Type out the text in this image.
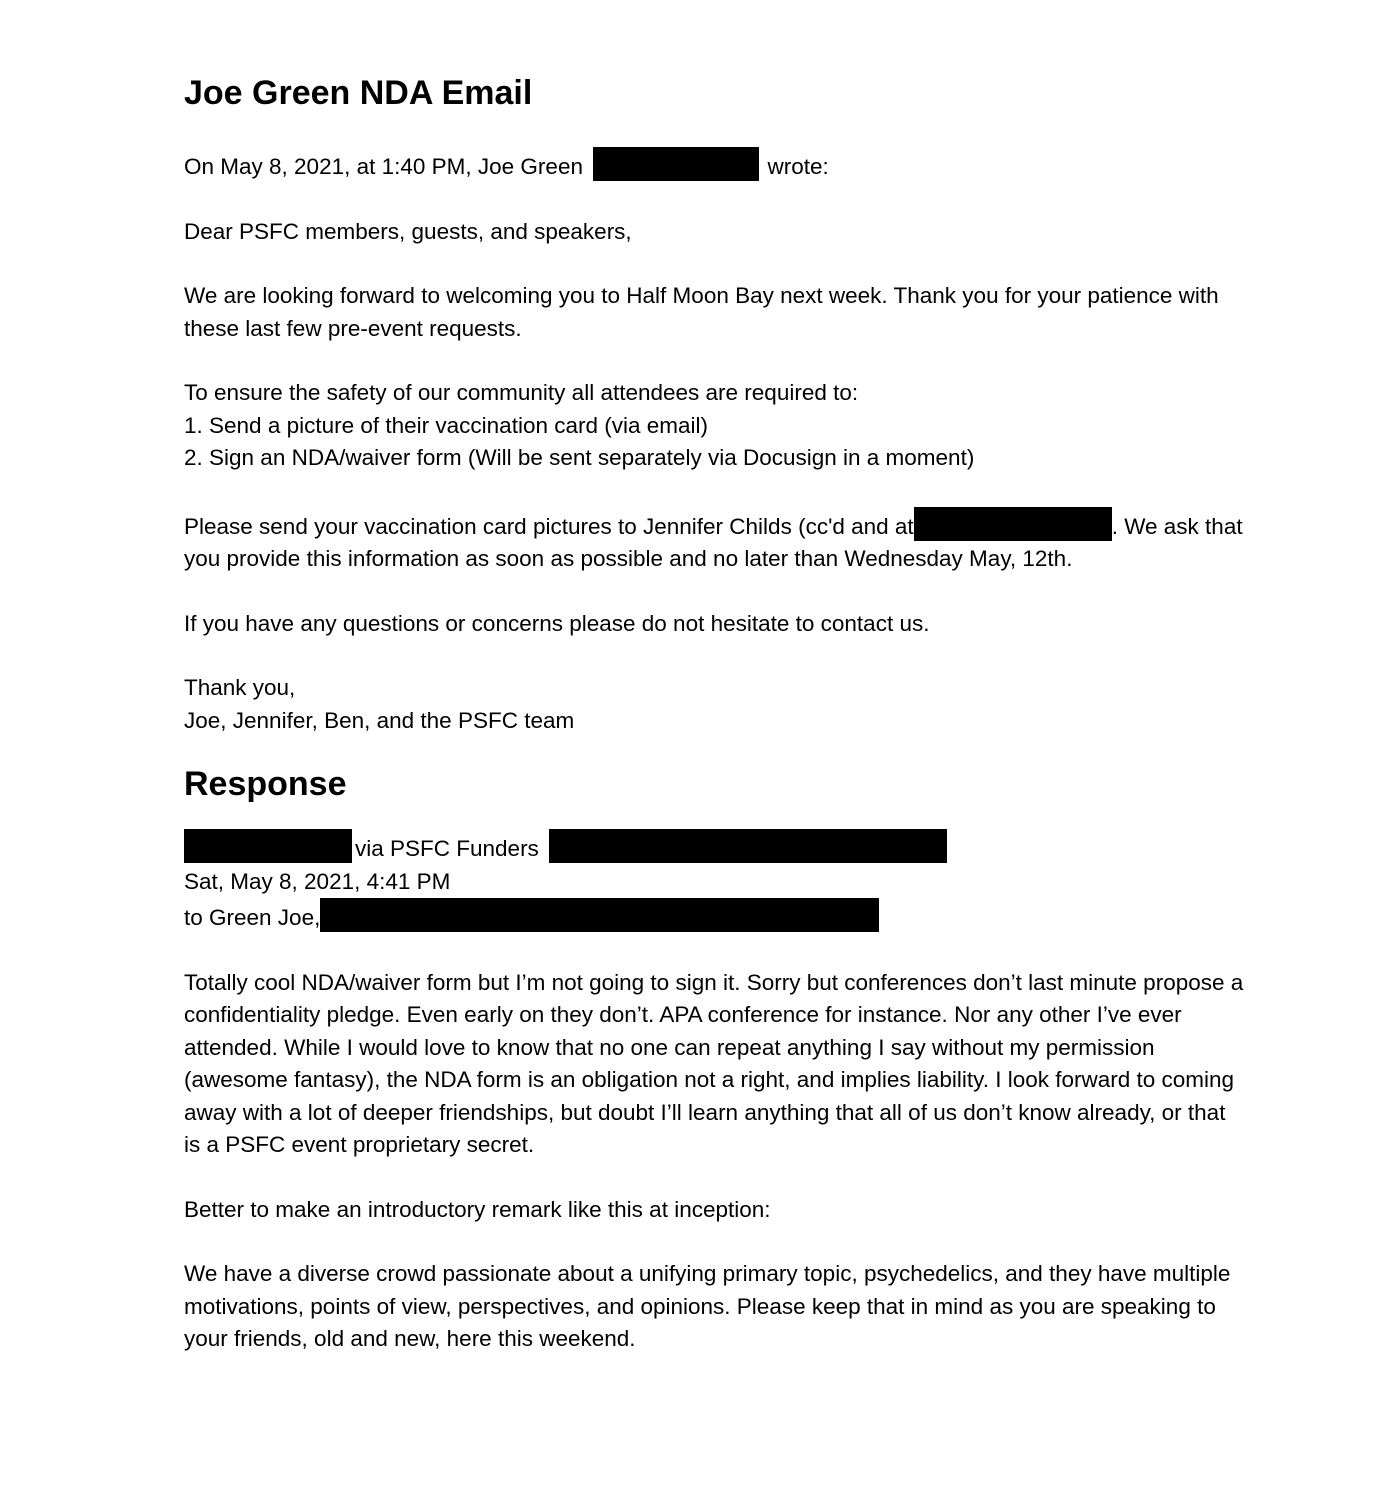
Joe Green NDA Email

On May 8, 2021, at 1:40 PM, Joe Green	wrote:

Dear PSFC members, guests, and speakers,

We are looking forward to welcoming you to Half Moon Bay next week. Thank you for your patience with these last few pre-event requests.

To ensure the safety of our community all attendees are required to:

1. Send a picture of their vaccination card (via email)
2. Sign an NDA/waiver form (Will be sent separately via Docusign in a moment)

Please send your vaccination card pictures to Jennifer Childs (cc'd and at	. We ask that you provide this information as soon as possible and no later than Wednesday May, 12th.

If you have any questions or concerns please do not hesitate to contact us.

Thank you,

Joe, Jennifer, Ben, and the PSFC team

Response

via PSFC Funders

Sat, May 8, 2021, 4:41 PM

to Green Joe,

Totally cool NDA/waiver form but I’m not going to sign it. Sorry but conferences don’t last minute propose a confidentiality pledge. Even early on they don’t. APA conference for instance. Nor any other I’ve ever attended. While I would love to know that no one can repeat anything I say without my permission (awesome fantasy), the NDA form is an obligation not a right, and implies liability. I look forward to coming away with a lot of deeper friendships, but doubt I’ll learn anything that all of us don’t know already, or that is a PSFC event proprietary secret.

Better to make an introductory remark like this at inception:

We have a diverse crowd passionate about a unifying primary topic, psychedelics, and they have multiple motivations, points of view, perspectives, and opinions. Please keep that in mind as you are speaking to your friends, old and new, here this weekend.
